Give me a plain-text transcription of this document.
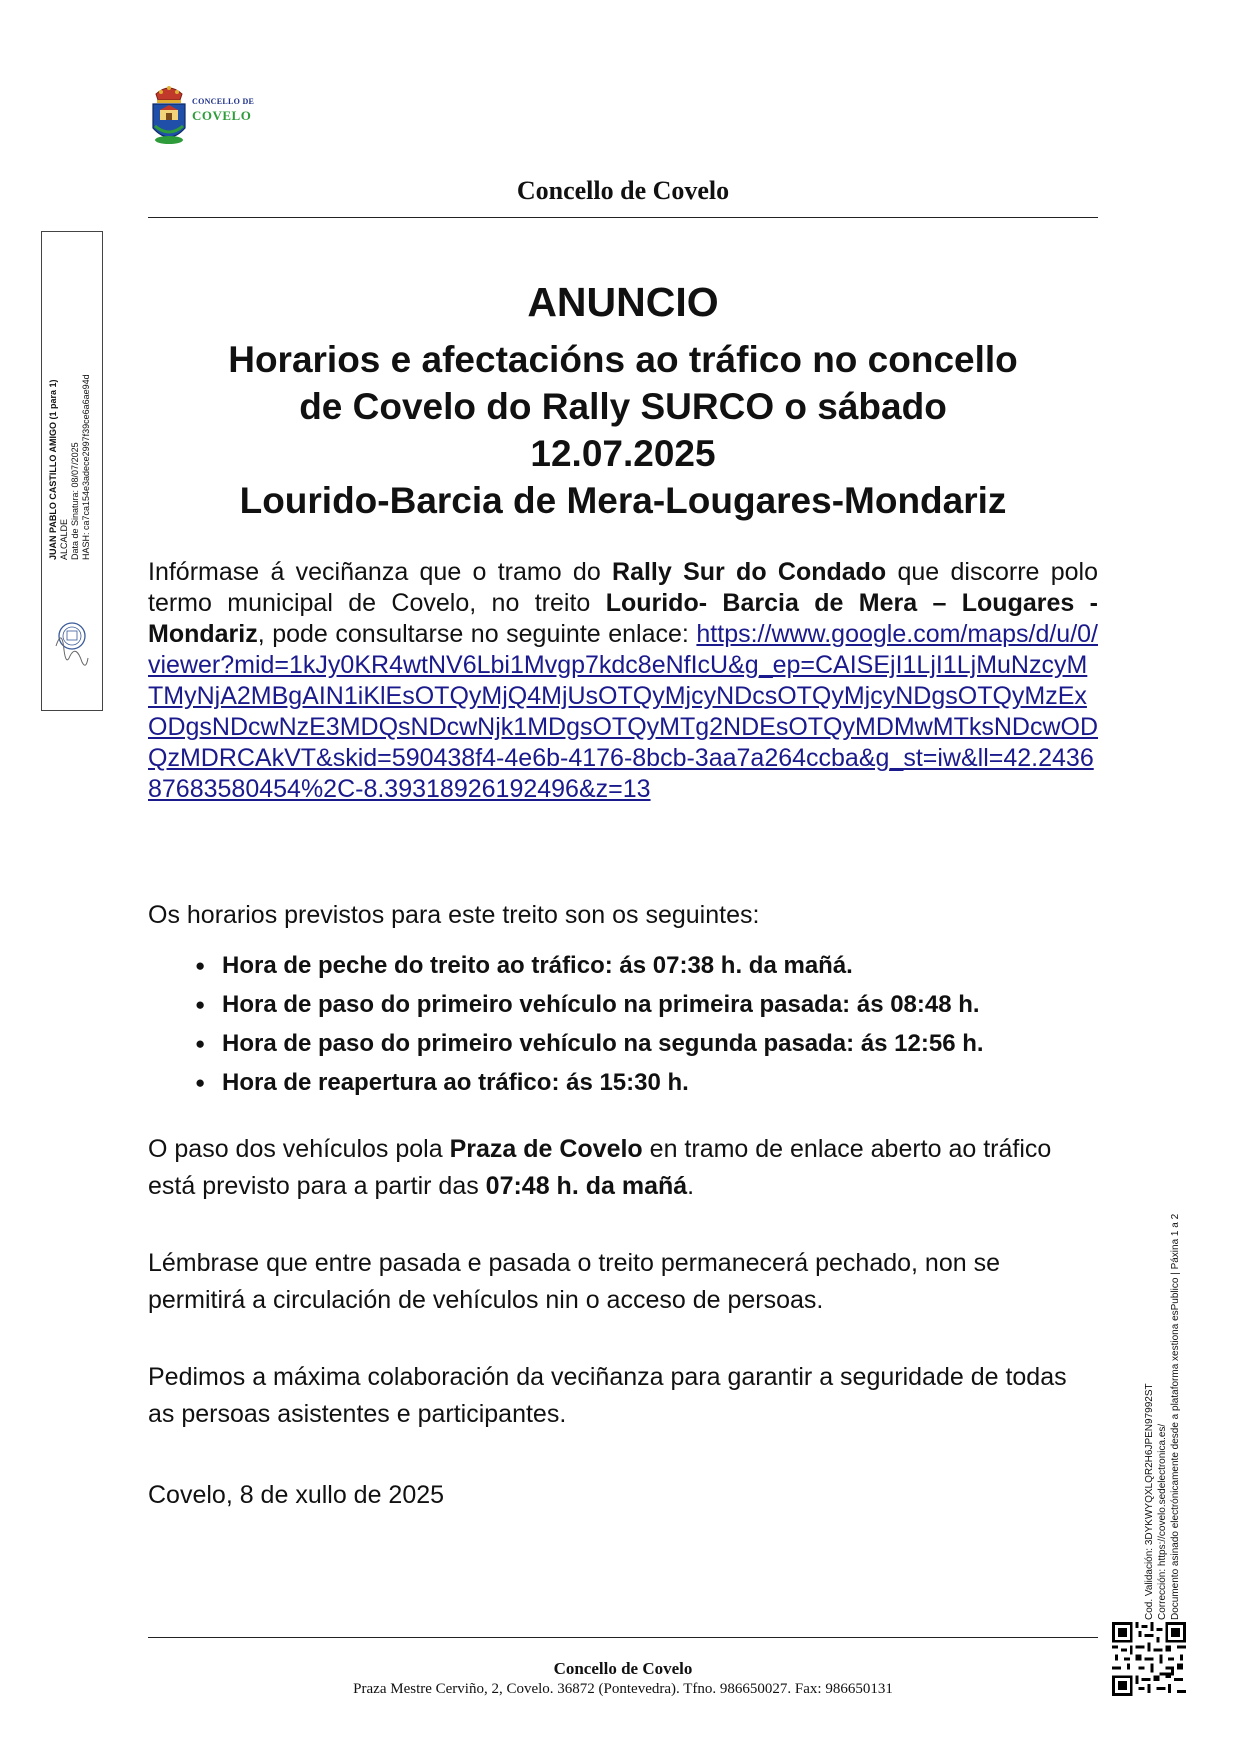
CONCELLO DE
COVELO
Concello de Covelo
JUAN PABLO CASTILLO AMIGO (1 para 1) ALCALDE Data de Sinatura: 08/07/2025 HASH: ca7ca154e3adece2997f39ce6a6ae94d
ANUNCIO
Horarios e afectacións ao tráfico no concello
de Covelo do Rally SURCO o sábado
12.07.2025
Lourido-Barcia de Mera-Lougares-Mondariz
Infórmase á veciñanza que o tramo do Rally Sur do Condado que discorre polo termo municipal de Covelo, no treito Lourido- Barcia de Mera – Lougares - Mondariz, pode consultarse no seguinte enlace: https://www.google.com/maps/d/u/0/viewer?mid=1kJy0KR4wtNV6Lbi1Mvgp7kdc8eNfIcU&g_ep=CAISEjI1LjI1LjMuNzcyMTMyNjA2MBgAIN1iKlEsOTQyMjQ4MjUsOTQyMjcyNDcsOTQyMjcyNDgsOTQyMzExODgsNDcwNzE3MDQsNDcwNjk1MDgsOTQyMTg2NDEsOTQyMDMwMTksNDcwODQzMDRCAkVT&skid=590438f4-4e6b-4176-8bcb-3aa7a264ccba&g_st=iw&ll=42.243687683580454%2C-8.39318926192496&z=13
Os horarios previstos para este treito son os seguintes:
● Hora de peche do treito ao tráfico: ás 07:38 h. da mañá.
● Hora de paso do primeiro vehículo na primeira pasada: ás 08:48 h.
● Hora de paso do primeiro vehículo na segunda pasada: ás 12:56 h.
● Hora de reapertura ao tráfico: ás 15:30 h.
O paso dos vehículos pola Praza de Covelo en tramo de enlace aberto ao tráfico está previsto para a partir das 07:48 h. da mañá.
Lémbrase que entre pasada e pasada o treito permanecerá pechado, non se permitirá a circulación de vehículos nin o acceso de persoas.
Pedimos a máxima colaboración da veciñanza para garantir a seguridade de todas as persoas asistentes e participantes.
Covelo, 8 de xullo de 2025	Cod. Validación: 3DYKWYQXLQR2H6JPEN97992ST Corrección: https://covelo.sedelectronica.es/ Documento asinado electrónicamente desde a plataforma xestiona esPublico | Páxina 1 a 2
Concello de Covelo
Praza Mestre Cerviño, 2, Covelo. 36872 (Pontevedra). Tfno. 986650027. Fax: 986650131
